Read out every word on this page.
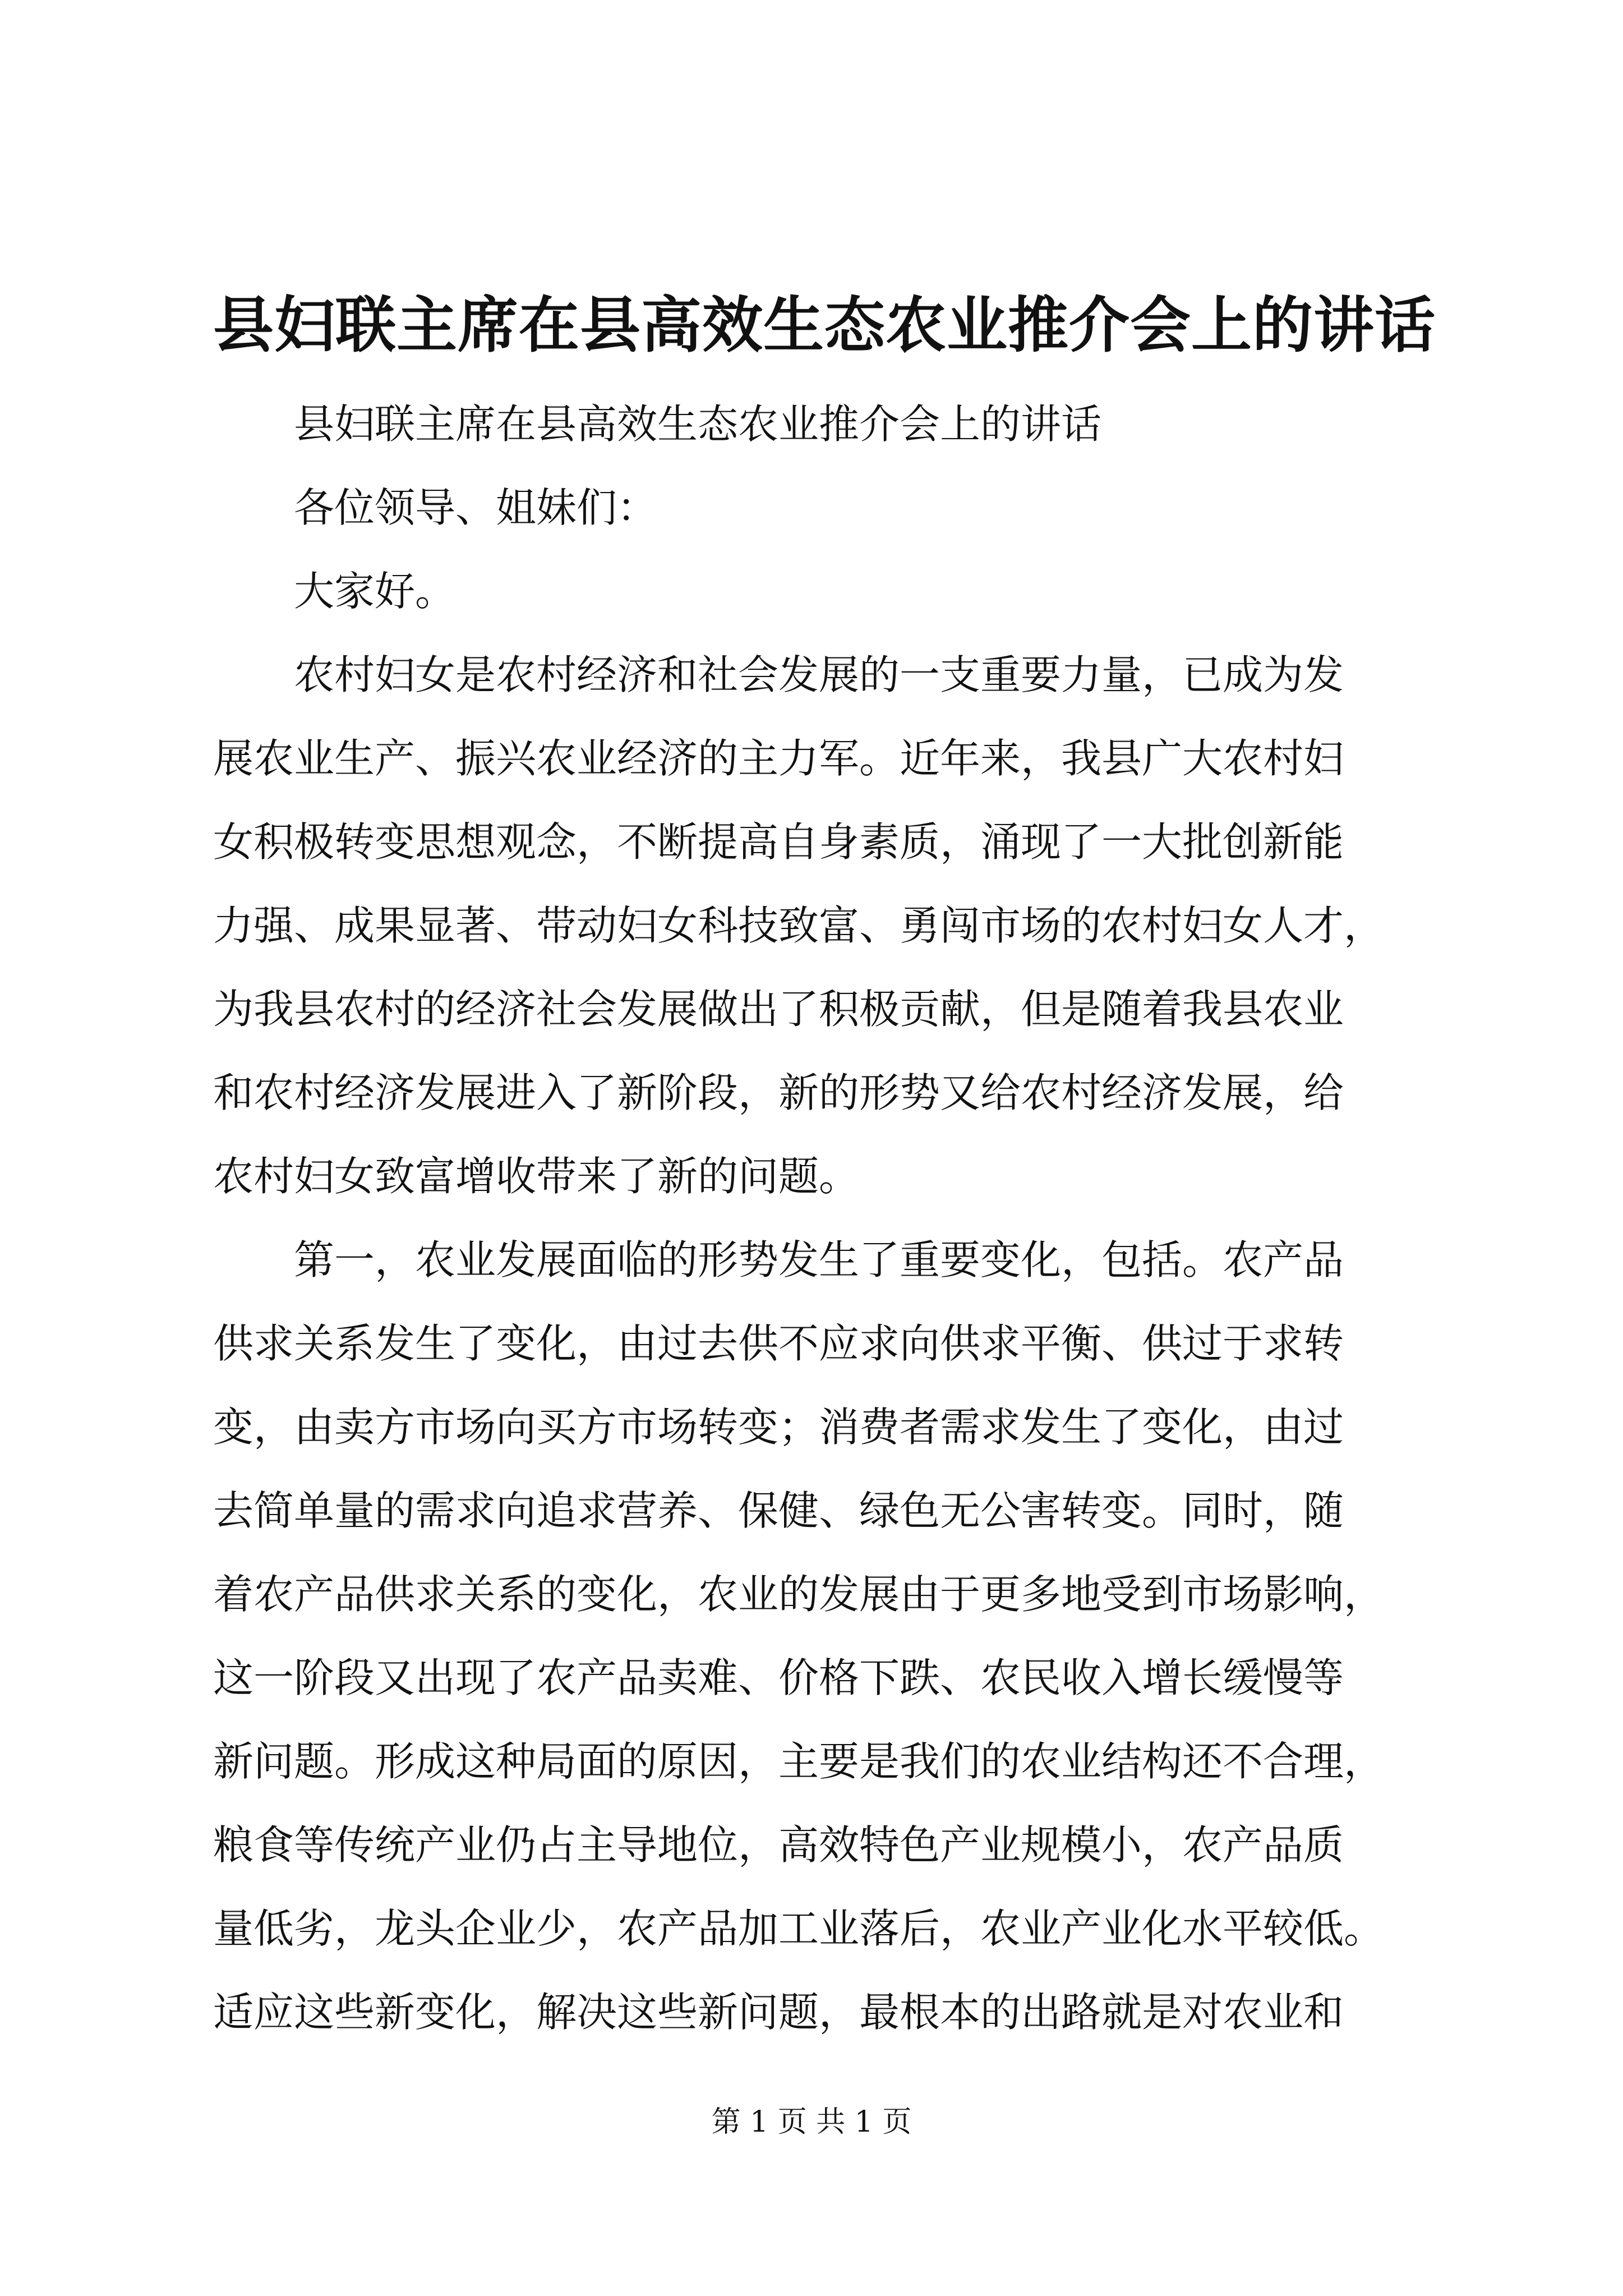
县妇联主席在县高效生态农业推介会上的讲话

县妇联主席在县高效生态农业推介会上的讲话

各位领导、姐妹们：

大家好。

农村妇女是农村经济和社会发展的一支重要力量，已成为发
展农业生产、振兴农业经济的主力军。近年来，我县广大农村妇
女积极转变思想观念，不断提高自身素质，涌现了一大批创新能
力强、成果显著、带动妇女科技致富、勇闯市场的农村妇女人才，
为我县农村的经济社会发展做出了积极贡献，但是随着我县农业
和农村经济发展进入了新阶段，新的形势又给农村经济发展，给
农村妇女致富增收带来了新的问题。

第一，农业发展面临的形势发生了重要变化，包括。农产品
供求关系发生了变化，由过去供不应求向供求平衡、供过于求转
变，由卖方市场向买方市场转变；消费者需求发生了变化，由过
去简单量的需求向追求营养、保健、绿色无公害转变。同时，随
着农产品供求关系的变化，农业的发展由于更多地受到市场影响，
这一阶段又出现了农产品卖难、价格下跌、农民收入增长缓慢等
新问题。形成这种局面的原因，主要是我们的农业结构还不合理，
粮食等传统产业仍占主导地位，高效特色产业规模小，农产品质
量低劣，龙头企业少，农产品加工业落后，农业产业化水平较低。
适应这些新变化，解决这些新问题，最根本的出路就是对农业和

第 1 页 共 1 页
